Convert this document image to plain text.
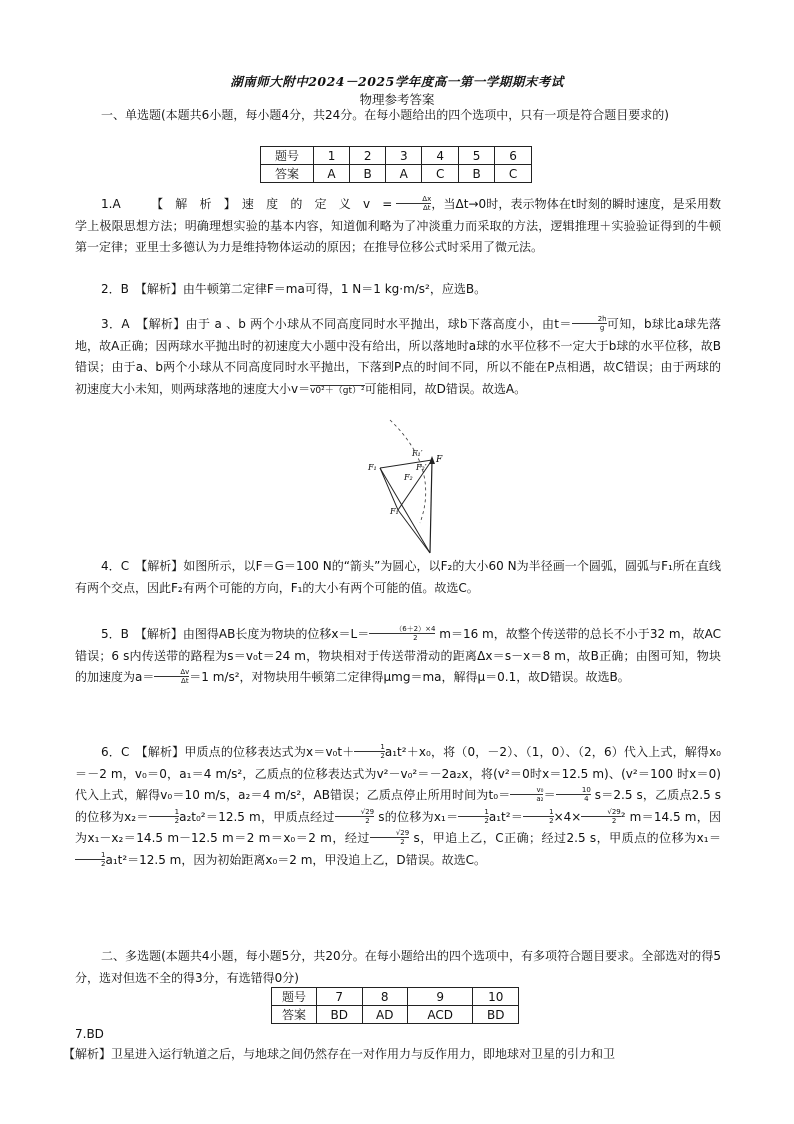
湖南师大附中2024－2025学年度高一第一学期期末考试
物理参考答案

一、单选题(本题共6小题，每小题4分，共24分。在每小题给出的四个选项中，只有一项是符合题目要求的)

题号	1	2	3	4	5	6
答案	A	B	A	C	B	C

1.A　　　【　解　析　】　速　度　的　定　义　v　= $\frac{\Delta x}{\Delta t}$ ，当Δt→0时，表示物体在t时刻的瞬时速度，是采用数学上极限思想方法；明确理想实验的基本内容，知道伽利略为了冲淡重力而采取的方法，逻辑推理＋实验验证得到的牛顿第一定律；亚里士多德认为力是维持物体运动的原因；在推导位移公式时采用了微元法。

2．B　【解析】由牛顿第二定律F＝ma可得，1 N＝1 kg·m/s²，应选B。

3．A　【解析】由于 a 、b 两个小球从不同高度同时水平抛出，球b下落高度小，由$t= \frac{2h}{g}$ 可知，b球比a球先落地，故A正确；因两球水平抛出时的初速度大小题中没有给出，所以落地时a球的水平位移不一定大于b球的水平位移，故B错误；由于a、b两个小球从不同高度同时水平抛出，下落到P点的时间不同，所以不能在P点相遇，故C错误；由于两球的初速度大小未知，则两球落地的速度大小v＝v0²＋（gt）²可能相同，故D错误。故选A。

F
F₁
F₁′
F₂
F₂′
F₁

4．C　【解析】如图所示，以F＝G＝100 N的“箭头”为圆心，以F₂的大小60 N为半径画一个圆弧，圆弧与F₁所在直线有两个交点，因此F₂有两个可能的方向，F₁的大小有两个可能的值。故选C。

5．B　【解析】由图得AB长度为物块的位移$x=L= \frac{(6+2)\times 4}{2} m=16$ m，故整个传送带的总长不小于32 m，故AC错误；6 s内传送带的路程为s＝v₀t＝24 m，物块相对于传送带滑动的距离Δx＝s－x＝8 m，故B正确；由图可知，物块的加速度为$a= \frac{\Delta v}{\Delta t} =1$ m/s²，对物块用牛顿第二定律得μmg＝ma，解得μ＝0.1，故D错误。故选B。

6．C　【解析】甲质点的位移表达式为$x=v_0t+ \frac{1}{2} a_1t^2+x_0$，将（0，－2）、（1，0）、（2，6）代入上式，解得x₀＝－2 m，v₀＝0，a₁＝4 m/s²，乙质点的位移表达式为v²－v₀²＝－2a₂x，将(v²＝0时x＝12.5 m)、(v²＝100 时x＝0)代入上式，解得v₀＝10 m/s，a₂＝4 m/s²，AB错误；乙质点停止所用时间为$t_0= \frac{\text{v₀}}{\text{a₂}} = \frac{10}{4} s=2.5$ s，乙质点2.5 s的位移为$x_2= \frac{1}{2} a_2t_0^2=12.5$ m，甲质点经过 $\frac{√29}{2}$ s的位移为$x_1= \frac{1}{2} a_1t^2= \frac{1}{2} \times 4\times \frac{√29}{2} ^2$ m＝14.5 m，因为x₁－x₂＝14.5 m－12.5 m＝2 m＝x₀＝2 m，经过 $\frac{√29}{2}$ s，甲追上乙，C正确；经过2.5 s，甲质点的位移为x₁＝
$\frac{1}{2} a_1t^2=12.5$ m，因为初始距离x₀＝2 m，甲没追上乙，D错误。故选C。

二、多选题(本题共4小题，每小题5分，共20分。在每小题给出的四个选项中，有多项符合题目要求。全部选对的得5分，选对但选不全的得3分，有选错得0分)

题号	7	8	9	10
答案	BD	AD	ACD	BD

7.BD

【解析】卫星进入运行轨道之后，与地球之间仍然存在一对作用力与反作用力，即地球对卫星的引力和卫
